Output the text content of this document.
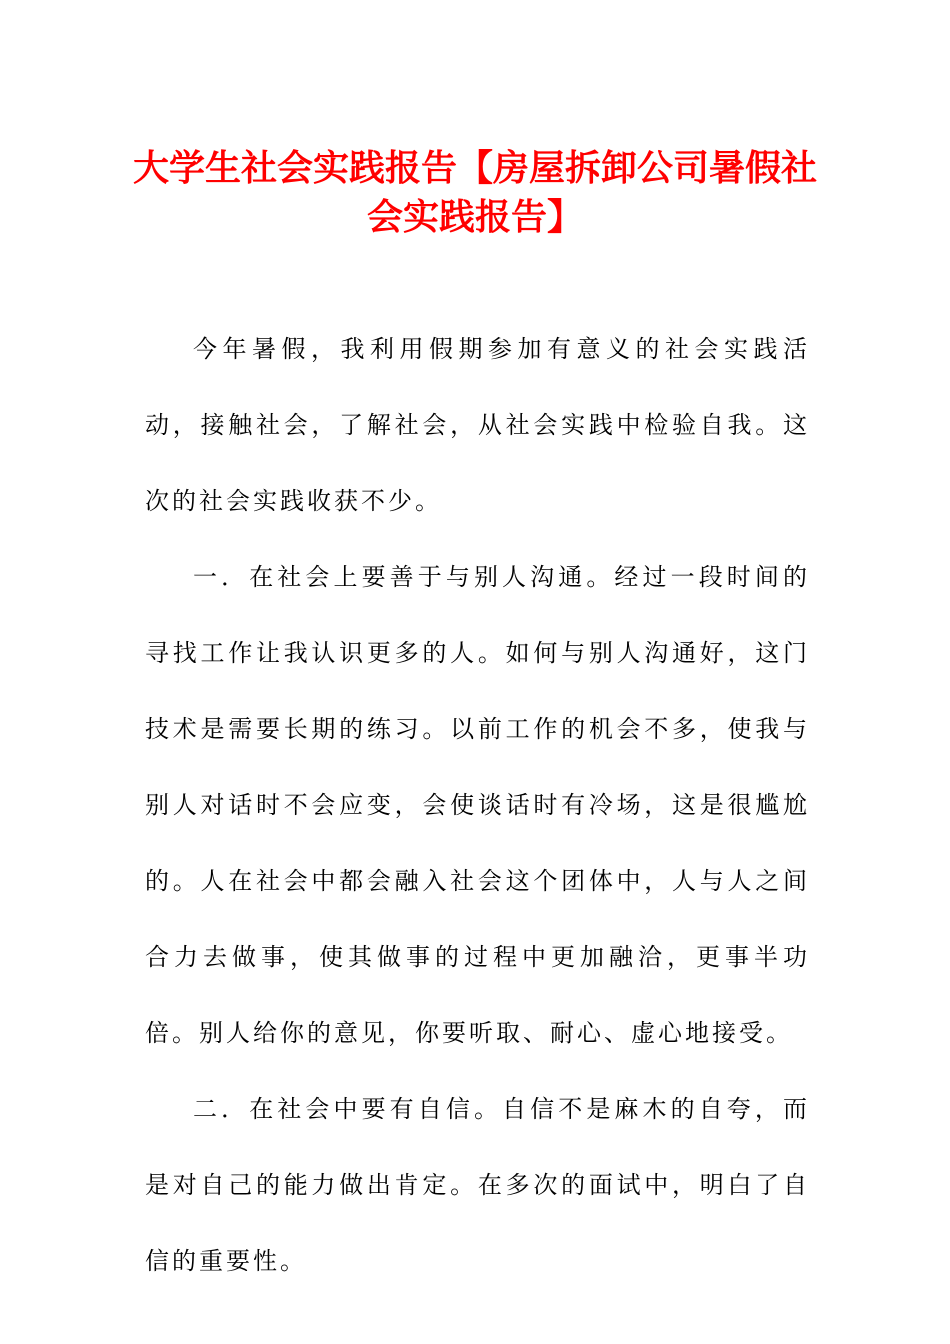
大学生社会实践报告【房屋拆卸公司暑假社会实践报告】

今年暑假，我利用假期参加有意义的社会实践活动，接触社会，了解社会，从社会实践中检验自我。这次的社会实践收获不少。

一．在社会上要善于与别人沟通。经过一段时间的寻找工作让我认识更多的人。如何与别人沟通好，这门技术是需要长期的练习。以前工作的机会不多，使我与别人对话时不会应变，会使谈话时有冷场，这是很尴尬的。人在社会中都会融入社会这个团体中，人与人之间合力去做事，使其做事的过程中更加融洽，更事半功倍。别人给你的意见，你要听取、耐心、虚心地接受。

二．在社会中要有自信。自信不是麻木的自夸，而是对自己的能力做出肯定。在多次的面试中，明白了自信的重要性。
